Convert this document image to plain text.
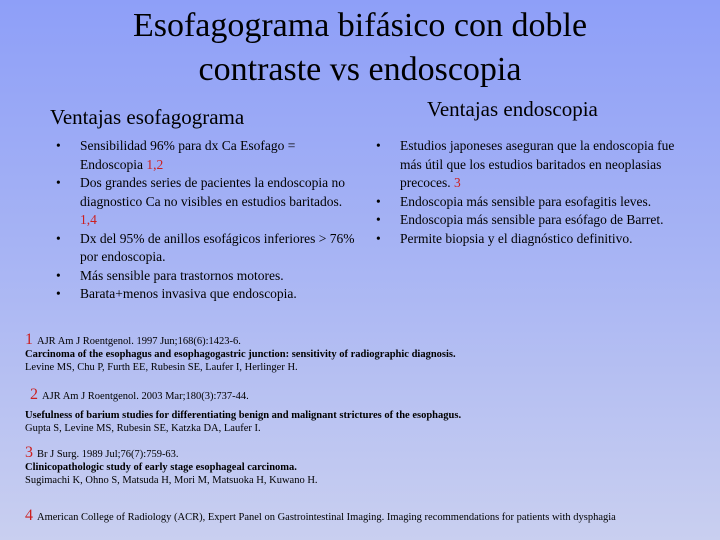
Esofagograma bifásico con doble
contraste vs endoscopia
Ventajas esofagograma	Ventajas endoscopia
• Sensibilidad 96% para dx Ca Esofago = Endoscopia 1,2
• Dos grandes series de pacientes la endoscopia no diagnostico Ca no visibles en estudios baritados. 1,4
• Dx del 95% de anillos esofágicos inferiores > 76% por endoscopia.
• Más sensible para trastornos motores.
• Barata+menos invasiva que endoscopia.
• Estudios japoneses aseguran que la endoscopia fue más útil que los estudios baritados en neoplasias precoces. 3
• Endoscopia más sensible para esofagitis leves.
• Endoscopia más sensible para esófago de Barret.
• Permite biopsia y el diagnóstico definitivo.
1 AJR Am J Roentgenol. 1997 Jun;168(6):1423-6.
Carcinoma of the esophagus and esophagogastric junction: sensitivity of radiographic diagnosis.
Levine MS, Chu P, Furth EE, Rubesin SE, Laufer I, Herlinger H.
2 AJR Am J Roentgenol. 2003 Mar;180(3):737-44.
Usefulness of barium studies for differentiating benign and malignant strictures of the esophagus.
Gupta S, Levine MS, Rubesin SE, Katzka DA, Laufer I.
3 Br J Surg. 1989 Jul;76(7):759-63.
Clinicopathologic study of early stage esophageal carcinoma.
Sugimachi K, Ohno S, Matsuda H, Mori M, Matsuoka H, Kuwano H.
4 American College of Radiology (ACR), Expert Panel on Gastrointestinal Imaging. Imaging recommendations for patients with dysphagia
